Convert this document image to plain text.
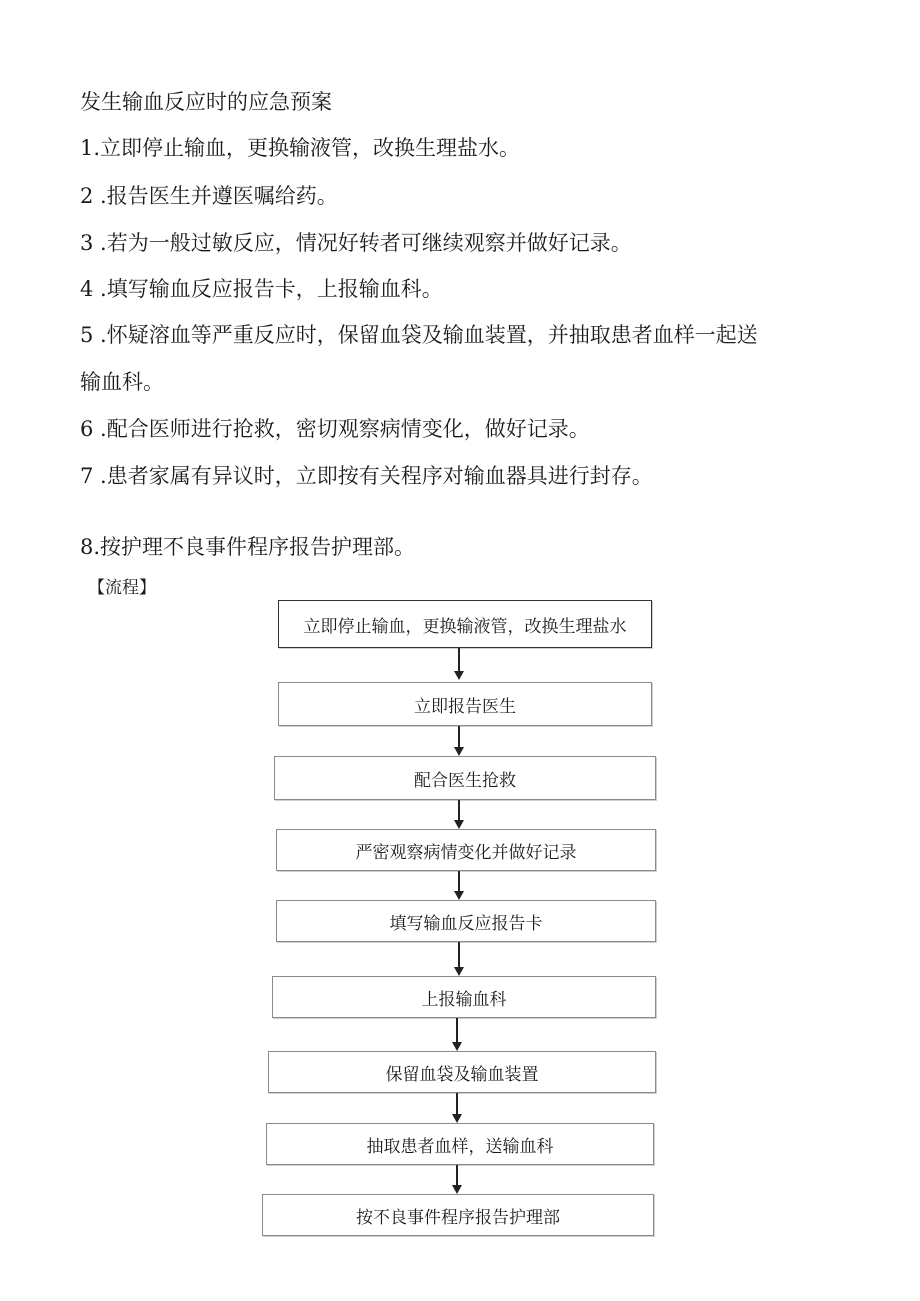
发生输血反应时的应急预案
1.立即停止输血，更换输液管，改换生理盐水。
2 .报告医生并遵医嘱给药。
3 .若为一般过敏反应，情况好转者可继续观察并做好记录。
4 .填写输血反应报告卡，上报输血科。
5 .怀疑溶血等严重反应时，保留血袋及输血装置，并抽取患者血样一起送
输血科。
6 .配合医师进行抢救，密切观察病情变化，做好记录。
7 .患者家属有异议时，立即按有关程序对输血器具进行封存。
8.按护理不良事件程序报告护理部。
【流程】
立即停止输血，更换输液管，改换生理盐水
立即报告医生
配合医生抢救
严密观察病情变化并做好记录
填写输血反应报告卡
上报输血科
保留血袋及输血装置
抽取患者血样，送输血科
按不良事件程序报告护理部
